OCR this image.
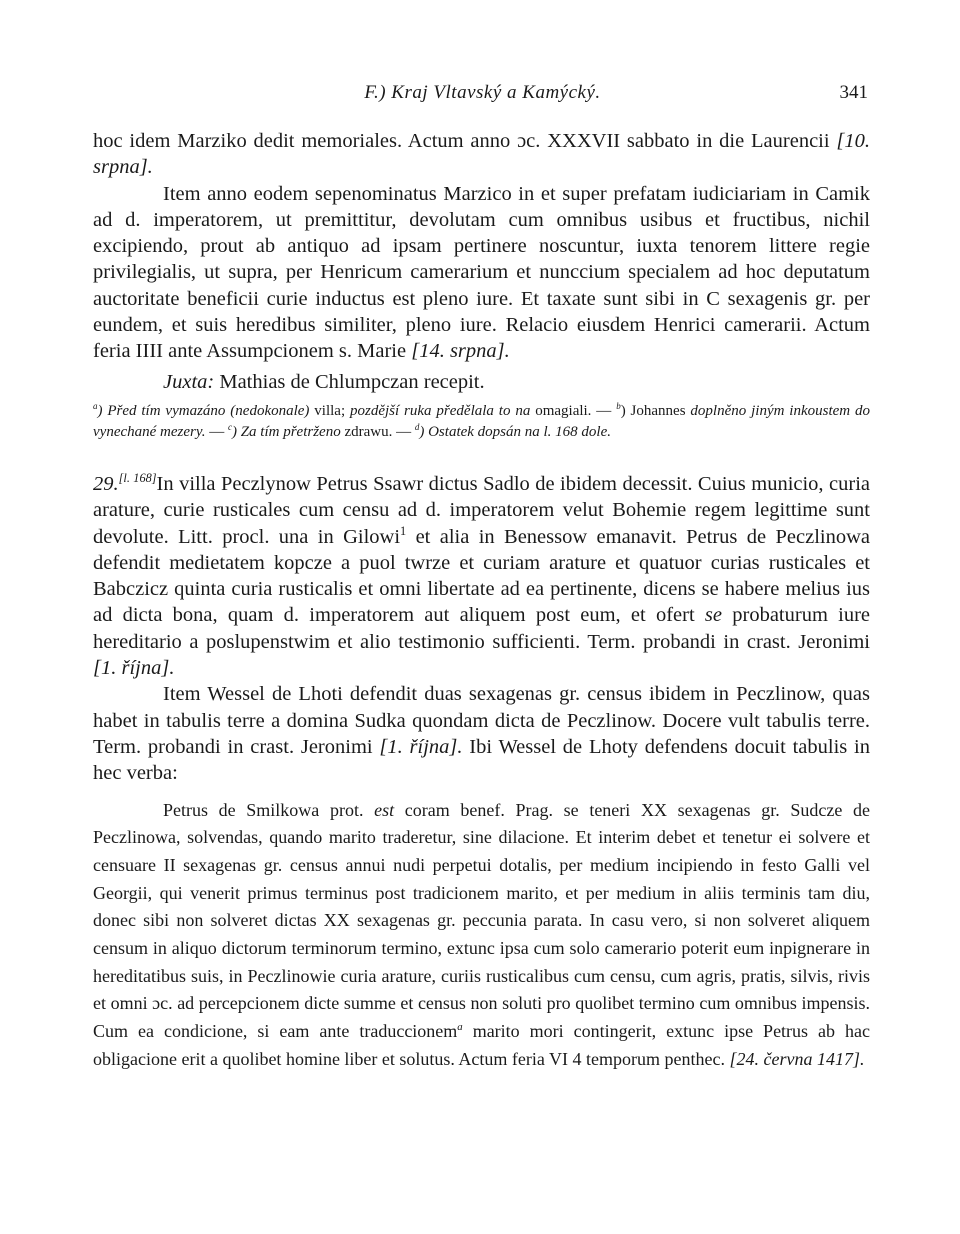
F.) Kraj Vltavský a Kamýcký.	341

hoc idem Marziko dedit memoriales. Actum anno ɔc. XXXVII sabbato in die Laurencii [10. srpna].

Item anno eodem sepenominatus Marzico in et super prefatam iudiciariam in Camik ad d. imperatorem, ut premittitur, devolutam cum omnibus usibus et fructibus, nichil excipiendo, prout ab antiquo ad ipsam pertinere noscuntur, iuxta tenorem littere regie privilegialis, ut supra, per Henricum camerarium et nunccium specialem ad hoc deputatum auctoritate beneficii curie inductus est pleno iure. Et taxate sunt sibi in C sexagenis gr. per eundem, et suis heredibus similiter, pleno iure. Relacio eiusdem Henrici camerarii. Actum feria IIII ante Assumpcionem s. Marie [14. srpna].

Juxta: Mathias de Chlumpczan recepit.

$^a$) Před tím vymazáno (nedokonale) villa; pozdější ruka předělala to na omagiali. — $^b$) Johannes doplněno jiným inkoustem do vynechané mezery. — $^c$) Za tím přetrženo zdrawu. — $^d$) Ostatek dopsán na l. 168 dole.

29.[l. 168]In villa Peczlynow Petrus Ssawr dictus Sadlo de ibidem decessit. Cuius municio, curia arature, curie rusticales cum censu ad d. imperatorem velut Bohemie regem legittime sunt devolute. Litt. procl. una in Gilowi$^1$ et alia in Benessow emanavit. Petrus de Peczlinowa defendit medietatem kopcze a puol twrze et curiam arature et quatuor curias rusticales et Babczicz quinta curia rusticalis et omni libertate ad ea pertinente, dicens se habere melius ius ad dicta bona, quam d. imperatorem aut aliquem post eum, et ofert se probaturum iure hereditario a poslupenstwim et alio testimonio sufficienti. Term. probandi in crast. Jeronimi [1. října].

Item Wessel de Lhoti defendit duas sexagenas gr. census ibidem in Peczlinow, quas habet in tabulis terre a domina Sudka quondam dicta de Peczlinow. Docere vult tabulis terre. Term. probandi in crast. Jeronimi [1. října]. Ibi Wessel de Lhoty defendens docuit tabulis in hec verba:

Petrus de Smilkowa prot. est coram benef. Prag. se teneri XX sexagenas gr. Sudcze de Peczlinowa, solvendas, quando marito traderetur, sine dilacione. Et interim debet et tenetur ei solvere et censuare II sexagenas gr. census annui nudi perpetui dotalis, per medium incipiendo in festo Galli vel Georgii, qui venerit primus terminus post tradicionem marito, et per medium in aliis terminis tam diu, donec sibi non solveret dictas XX sexagenas gr. peccunia parata. In casu vero, si non solveret aliquem censum in aliquo dictorum terminorum termino, extunc ipsa cum solo camerario poterit eum inpignerare in hereditatibus suis, in Peczlinowie curia arature, curiis rusticalibus cum censu, cum agris, pratis, silvis, rivis et omni ɔc. ad percepcionem dicte summe et census non soluti pro quolibet termino cum omnibus impensis. Cum ea condicione, si eam ante traduccionem$^a$ marito mori contingerit, extunc ipse Petrus ab hac obligacione erit a quolibet homine liber et solutus. Actum feria VI 4 temporum penthec. [24. června 1417].
